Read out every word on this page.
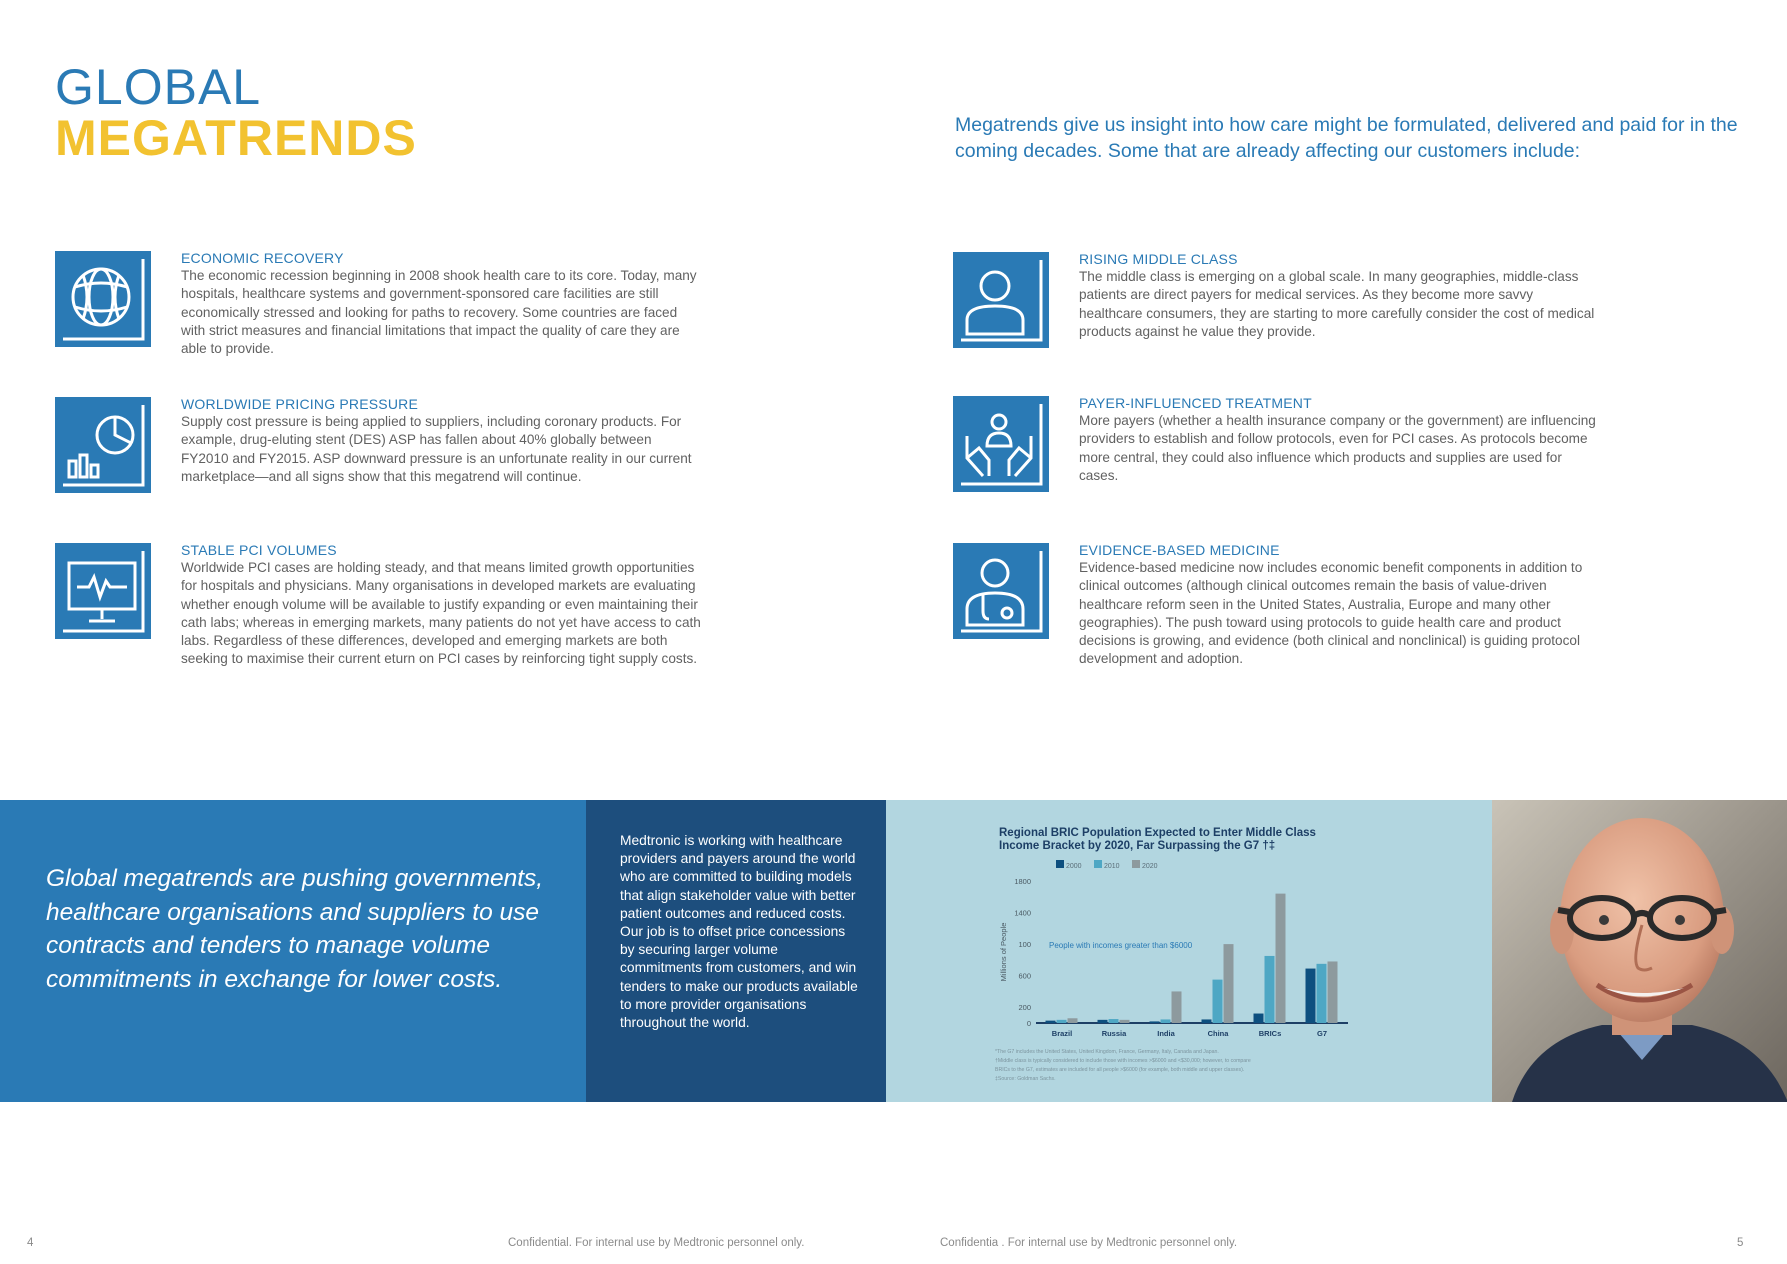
GLOBAL
MEGATRENDS	Megatrends give us insight into how care might be formulated, delivered and paid for in the coming decades. Some that are already affecting our customers include:
ECONOMIC RECOVERY
The economic recession beginning in 2008 shook health care to its core. Today, many hospitals, healthcare systems and government-sponsored care facilities are still economically stressed and looking for paths to recovery. Some countries are faced with strict measures and financial limitations that impact the quality of care they are able to provide.
WORLDWIDE PRICING PRESSURE
Supply cost pressure is being applied to suppliers, including coronary products. For example, drug-eluting stent (DES) ASP has fallen about 40% globally between FY2010 and FY2015. ASP downward pressure is an unfortunate reality in our current marketplace—and all signs show that this megatrend will continue.
STABLE PCI VOLUMES
Worldwide PCI cases are holding steady, and that means limited growth opportunities for hospitals and physicians. Many organisations in developed markets are evaluating whether enough volume will be available to justify expanding or even maintaining their cath labs; whereas in emerging markets, many patients do not yet have access to cath labs. Regardless of these differences, developed and emerging markets are both seeking to maximise their current eturn on PCI cases by reinforcing tight supply costs.
RISING MIDDLE CLASS
The middle class is emerging on a global scale. In many geographies, middle-class patients are direct payers for medical services. As they become more savvy healthcare consumers, they are starting to more carefully consider the cost of medical products against he value they provide.
PAYER-INFLUENCED TREATMENT
More payers (whether a health insurance company or the government) are influencing providers to establish and follow protocols, even for PCI cases. As protocols become more central, they could also influence which products and supplies are used for cases.
EVIDENCE-BASED MEDICINE
Evidence-based medicine now includes economic benefit components in addition to clinical outcomes (although clinical outcomes remain the basis of value-driven healthcare reform seen in the United States, Australia, Europe and many other geographies). The push toward using protocols to guide health care and product decisions is growing, and evidence (both clinical and nonclinical) is guiding protocol development and adoption.
Global megatrends are pushing governments, healthcare organisations and suppliers to use contracts and tenders to manage volume commitments in exchange for lower costs.
Medtronic is working with healthcare providers and payers around the world who are committed to building models that align stakeholder value with better patient outcomes and reduced costs. Our job is to offset price concessions by securing larger volume commitments from customers, and win tenders to make our products available to more provider organisations throughout the world.
Regional BRIC Population Expected to Enter Middle Class
Income Bracket by 2020, Far Surpassing the G7 †‡
2000	2010	2020
0
200
600
100
1400
1800
Millions of People
Brazil	Russia	India	China	BRICs	G7
People with incomes greater than $6000
*The G7 includes the United States, United Kingdom, France, Germany, Italy, Canada and Japan.
†Middle class is typically considered to include those with incomes >$6000 and <$30,000; however, to compare
BRICs to the G7, estimates are included for all people >$6000 (for example, both middle and upper classes).
‡Source: Goldman Sachs.
4	Confidential. For internal use by Medtronic personnel only.	Confidentia . For internal use by Medtronic personnel only.	5
